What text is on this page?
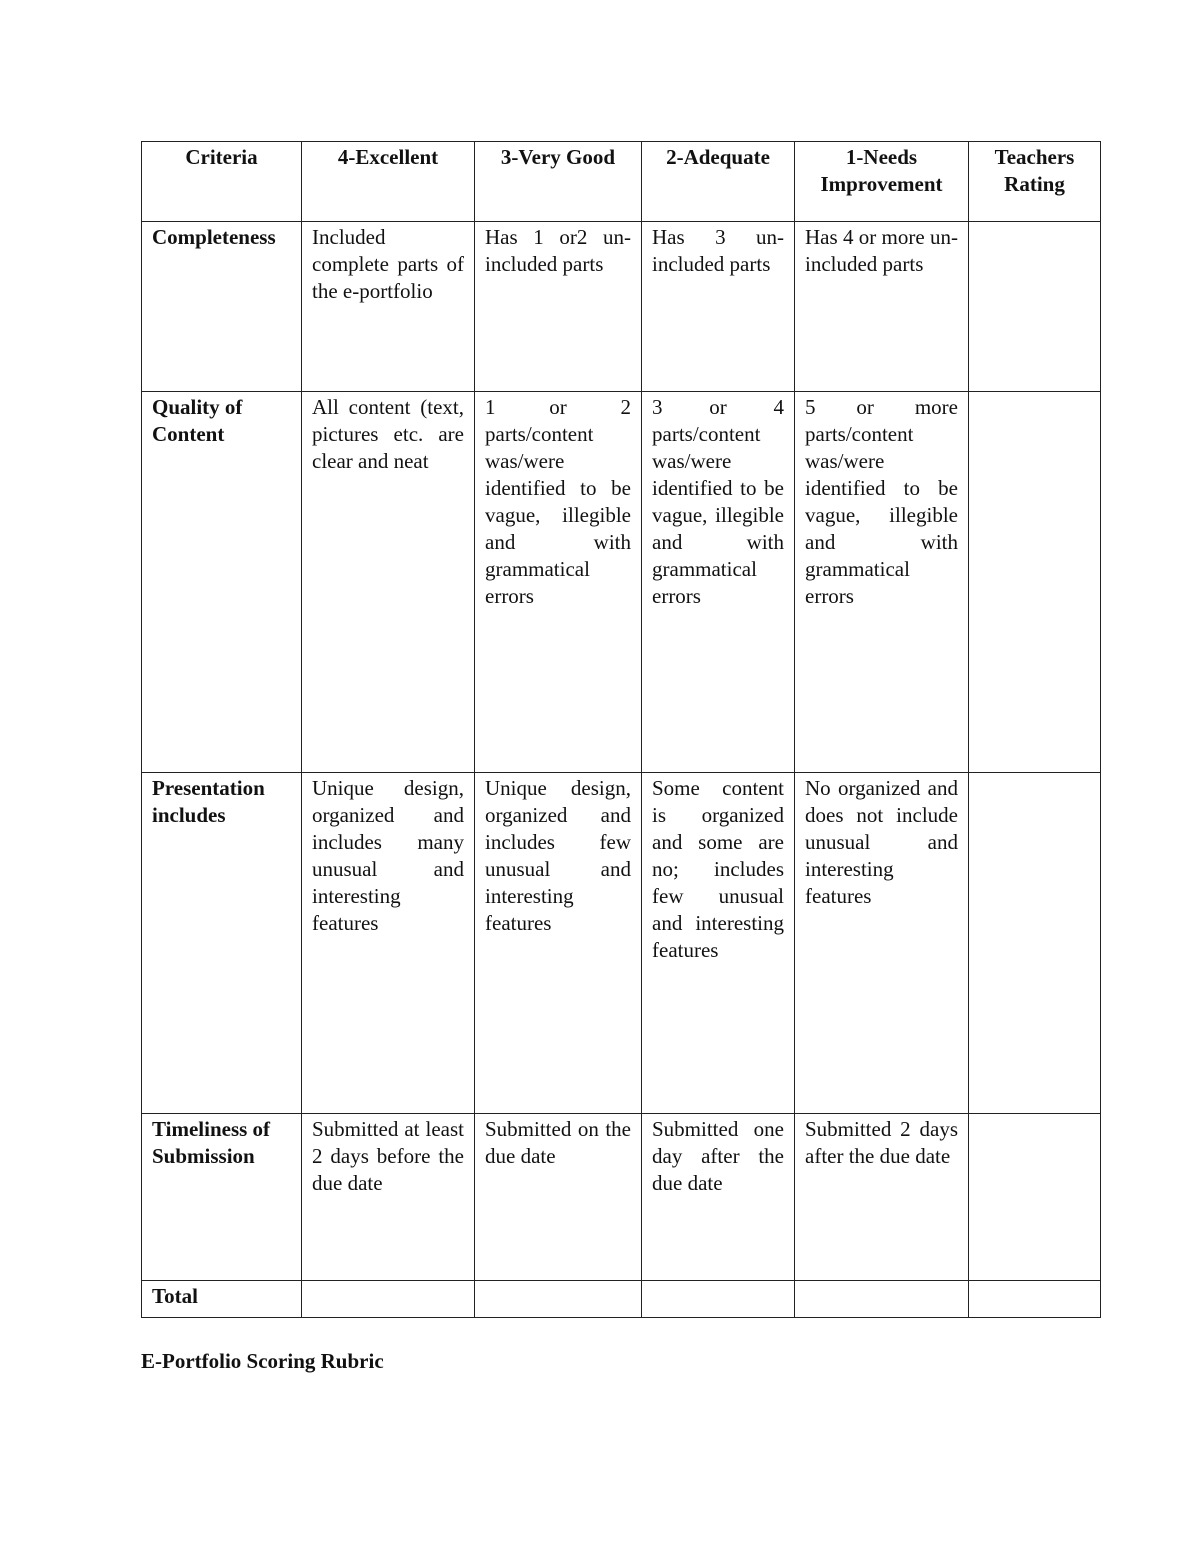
Criteria	4-Excellent	3-Very Good	2-Adequate	1-Needs Improvement	Teachers Rating
Completeness	Included complete parts of the e-portfolio	Has 1 or2 un-included parts	Has 3 un-included parts	Has 4 or more un-included parts	
Quality of Content	All content (text, pictures etc. are clear and neat	1 or 2 parts/content was/were identified to be vague, illegible and with grammatical errors	3 or 4 parts/content was/were identified to be vague, illegible and with grammatical errors	5 or more parts/content was/were identified to be vague, illegible and with grammatical errors	
Presentation includes	Unique design, organized and includes many unusual and interesting features	Unique design, organized and includes few unusual and interesting features	Some content is organized and some are no; includes few unusual and interesting features	No organized and does not include unusual and interesting features	
Timeliness of Submission	Submitted at least 2 days before the due date	Submitted on the due date	Submitted one day after the due date	Submitted 2 days after the due date	
Total					
E-Portfolio Scoring Rubric
